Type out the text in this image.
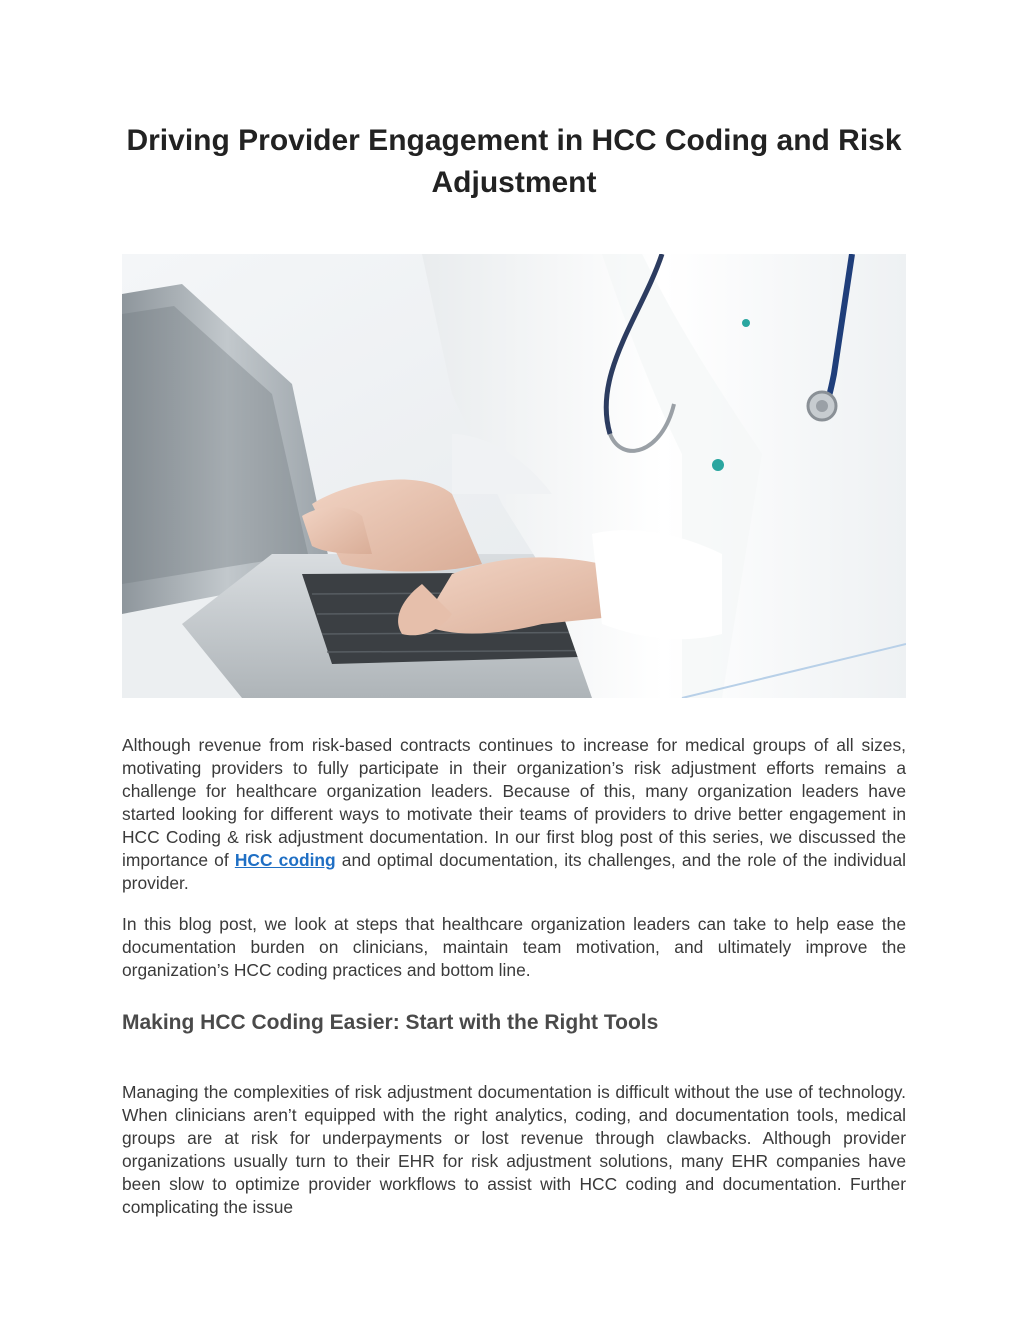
Driving Provider Engagement in HCC Coding and Risk Adjustment

Although revenue from risk-based contracts continues to increase for medical groups of all sizes, motivating providers to fully participate in their organization’s risk adjustment efforts remains a challenge for healthcare organization leaders. Because of this, many organization leaders have started looking for different ways to motivate their teams of providers to drive better engagement in HCC Coding & risk adjustment documentation. In our first blog post of this series, we discussed the importance of HCC coding and optimal documentation, its challenges, and the role of the individual provider.

In this blog post, we look at steps that healthcare organization leaders can take to help ease the documentation burden on clinicians, maintain team motivation, and ultimately improve the organization’s HCC coding practices and bottom line.

Making HCC Coding Easier: Start with the Right Tools

Managing the complexities of risk adjustment documentation is difficult without the use of technology. When clinicians aren’t equipped with the right analytics, coding, and documentation tools, medical groups are at risk for underpayments or lost revenue through clawbacks. Although provider organizations usually turn to their EHR for risk adjustment solutions, many EHR companies have been slow to optimize provider workflows to assist with HCC coding and documentation. Further complicating the issue
